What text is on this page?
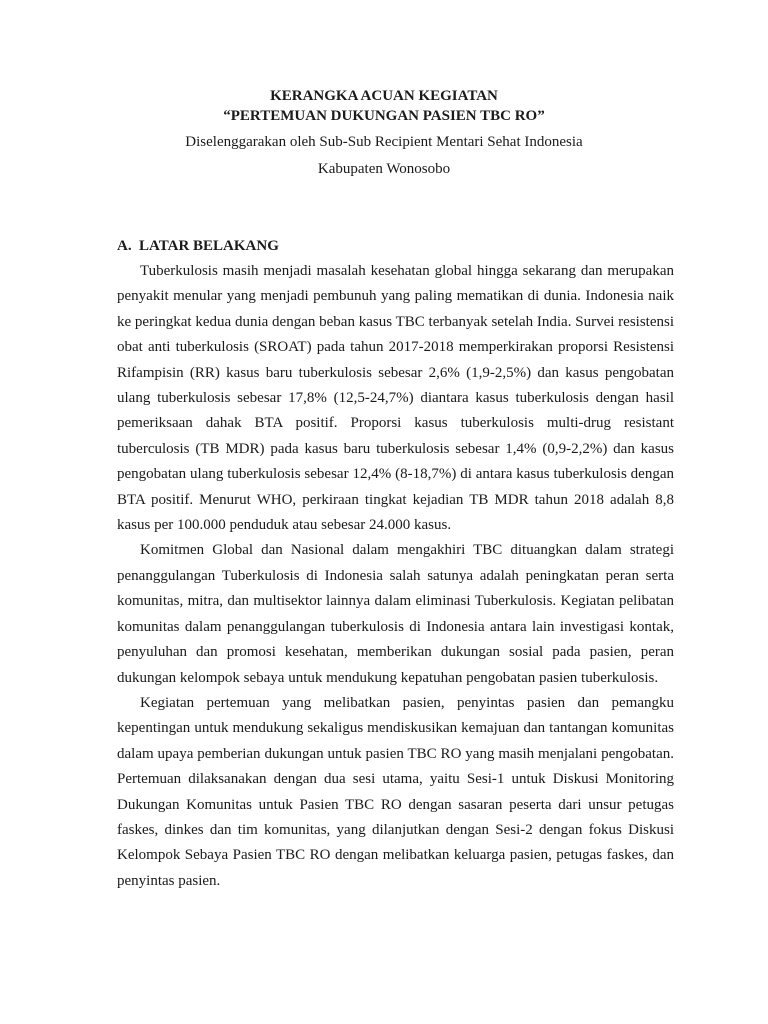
KERANGKA ACUAN KEGIATAN

“PERTEMUAN DUKUNGAN PASIEN TBC RO”

Diselenggarakan oleh Sub-Sub Recipient Mentari Sehat Indonesia

Kabupaten Wonosobo

A. LATAR BELAKANG

Tuberkulosis masih menjadi masalah kesehatan global hingga sekarang dan merupakan penyakit menular yang menjadi pembunuh yang paling mematikan di dunia. Indonesia naik ke peringkat kedua dunia dengan beban kasus TBC terbanyak setelah India. Survei resistensi obat anti tuberkulosis (SROAT) pada tahun 2017-2018 memperkirakan proporsi Resistensi Rifampisin (RR) kasus baru tuberkulosis sebesar 2,6% (1,9-2,5%) dan kasus pengobatan ulang tuberkulosis sebesar 17,8% (12,5-24,7%) diantara kasus tuberkulosis dengan hasil pemeriksaan dahak BTA positif. Proporsi kasus tuberkulosis multi-drug resistant tuberculosis (TB MDR) pada kasus baru tuberkulosis sebesar 1,4% (0,9-2,2%) dan kasus pengobatan ulang tuberkulosis sebesar 12,4% (8-18,7%) di antara kasus tuberkulosis dengan BTA positif. Menurut WHO, perkiraan tingkat kejadian TB MDR tahun 2018 adalah 8,8 kasus per 100.000 penduduk atau sebesar 24.000 kasus.

Komitmen Global dan Nasional dalam mengakhiri TBC dituangkan dalam strategi penanggulangan Tuberkulosis di Indonesia salah satunya adalah peningkatan peran serta komunitas, mitra, dan multisektor lainnya dalam eliminasi Tuberkulosis. Kegiatan pelibatan komunitas dalam penanggulangan tuberkulosis di Indonesia antara lain investigasi kontak, penyuluhan dan promosi kesehatan, memberikan dukungan sosial pada pasien, peran dukungan kelompok sebaya untuk mendukung kepatuhan pengobatan pasien tuberkulosis.

Kegiatan pertemuan yang melibatkan pasien, penyintas pasien dan pemangku kepentingan untuk mendukung sekaligus mendiskusikan kemajuan dan tantangan komunitas dalam upaya pemberian dukungan untuk pasien TBC RO yang masih menjalani pengobatan. Pertemuan dilaksanakan dengan dua sesi utama, yaitu Sesi-1 untuk Diskusi Monitoring Dukungan Komunitas untuk Pasien TBC RO dengan sasaran peserta dari unsur petugas faskes, dinkes dan tim komunitas, yang dilanjutkan dengan Sesi-2 dengan fokus Diskusi Kelompok Sebaya Pasien TBC RO dengan melibatkan keluarga pasien, petugas faskes, dan penyintas pasien.
